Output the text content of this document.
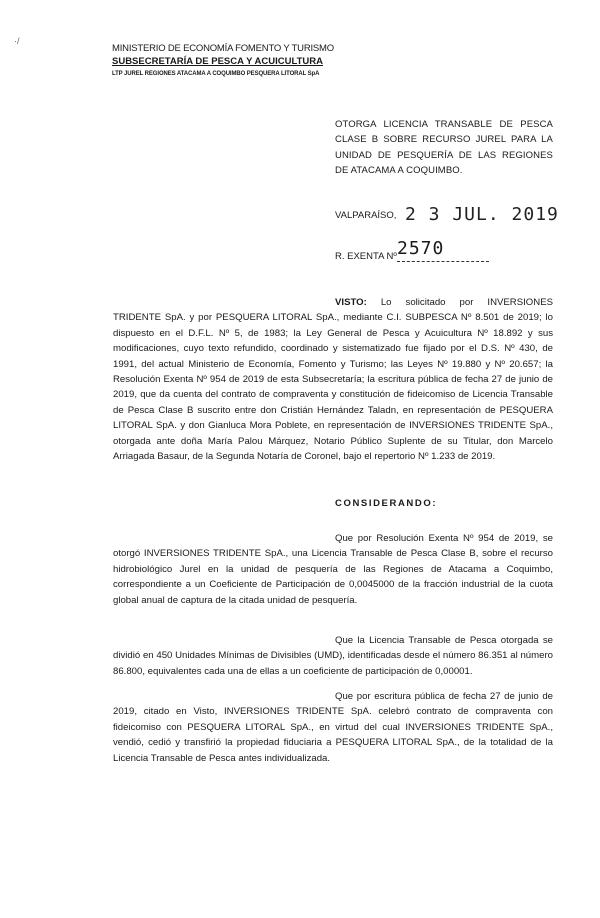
·/
MINISTERIO DE ECONOMÍA FOMENTO Y TURISMO
SUBSECRETARÍA DE PESCA Y ACUICULTURA
LTP JUREL REGIONES ATACAMA A COQUIMBO PESQUERA LITORAL SpA
OTORGA LICENCIA TRANSABLE DE PESCA CLASE B SOBRE RECURSO JUREL PARA LA UNIDAD DE PESQUERÍA DE LAS REGIONES DE ATACAMA A COQUIMBO.
VALPARAÍSO, 2 3 JUL. 2019
R. EXENTA Nº 2570
VISTO: Lo solicitado por INVERSIONES TRIDENTE SpA. y por PESQUERA LITORAL SpA., mediante C.I. SUBPESCA Nº 8.501 de 2019; lo dispuesto en el D.F.L. Nº 5, de 1983; la Ley General de Pesca y Acuicultura Nº 18.892 y sus modificaciones, cuyo texto refundido, coordinado y sistematizado fue fijado por el D.S. Nº 430, de 1991, del actual Ministerio de Economía, Fomento y Turismo; las Leyes Nº 19.880 y Nº 20.657; la Resolución Exenta Nº 954 de 2019 de esta Subsecretaría; la escritura pública de fecha 27 de junio de 2019, que da cuenta del contrato de compraventa y constitución de fideicomiso de Licencia Transable de Pesca Clase B suscrito entre don Cristián Hernández Taladn, en representación de PESQUERA LITORAL SpA. y don Gianluca Mora Poblete, en representación de INVERSIONES TRIDENTE SpA., otorgada ante doña María Palou Márquez, Notario Público Suplente de su Titular, don Marcelo Arriagada Basaur, de la Segunda Notaría de Coronel, bajo el repertorio Nº 1.233 de 2019.
CONSIDERANDO:
Que por Resolución Exenta Nº 954 de 2019, se otorgó INVERSIONES TRIDENTE SpA., una Licencia Transable de Pesca Clase B, sobre el recurso hidrobiológico Jurel en la unidad de pesquería de las Regiones de Atacama a Coquimbo, correspondiente a un Coeficiente de Participación de 0,0045000 de la fracción industrial de la cuota global anual de captura de la citada unidad de pesquería.
Que la Licencia Transable de Pesca otorgada se dividió en 450 Unidades Mínimas de Divisibles (UMD), identificadas desde el número 86.351 al número 86.800, equivalentes cada una de ellas a un coeficiente de participación de 0,00001.
Que por escritura pública de fecha 27 de junio de 2019, citado en Visto, INVERSIONES TRIDENTE SpA. celebró contrato de compraventa con fideicomiso con PESQUERA LITORAL SpA., en virtud del cual INVERSIONES TRIDENTE SpA., vendió, cedió y transfirió la propiedad fiduciaria a PESQUERA LITORAL SpA., de la totalidad de la Licencia Transable de Pesca antes individualizada.
